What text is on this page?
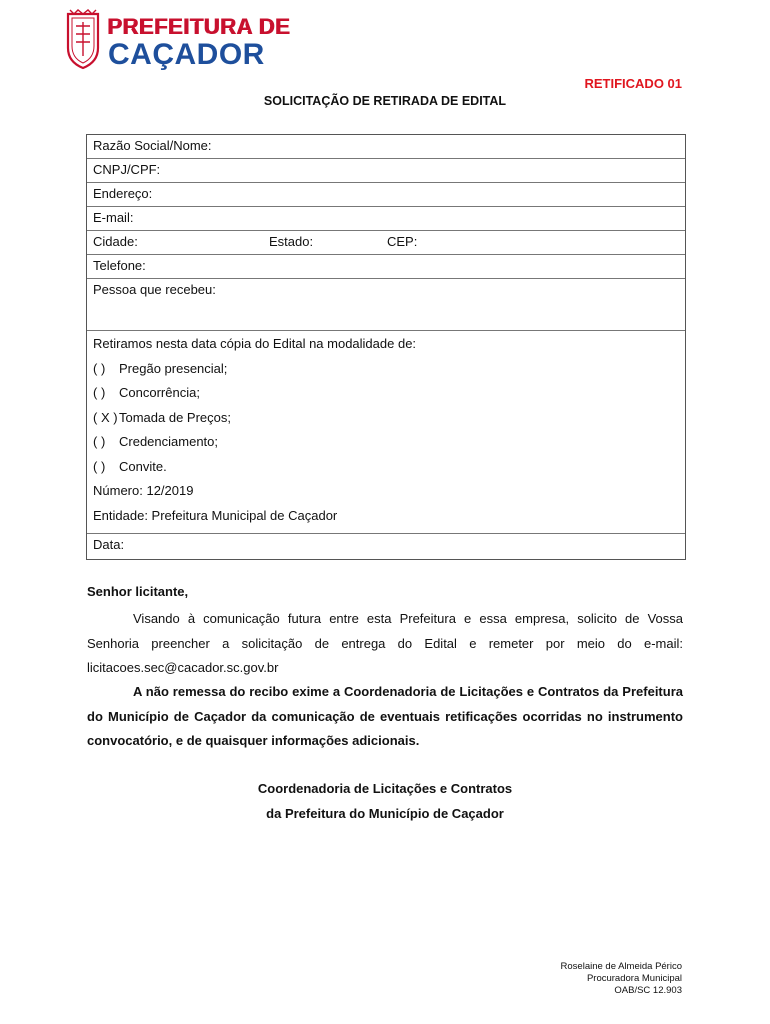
PREFEITURA DE
CAÇADOR
RETIFICADO 01
SOLICITAÇÃO DE RETIRADA DE EDITAL
Razão Social/Nome:
CNPJ/CPF:
Endereço:
E-mail:
Cidade:	Estado:	CEP:
Telefone:
Pessoa que recebeu:
Retiramos nesta data cópia do Edital na modalidade de:
( ) Pregão presencial;
( ) Concorrência;
( X )Tomada de Preços;
( ) Credenciamento;
( ) Convite.
Número: 12/2019
Entidade: Prefeitura Municipal de Caçador
Data:
Senhor licitante,

Visando à comunicação futura entre esta Prefeitura e essa empresa, solicito de Vossa Senhoria preencher a solicitação de entrega do Edital e remeter por meio do e-mail: licitacoes.sec@cacador.sc.gov.br

A não remessa do recibo exime a Coordenadoria de Licitações e Contratos da Prefeitura do Município de Caçador da comunicação de eventuais retificações ocorridas no instrumento convocatório, e de quaisquer informações adicionais.

Coordenadoria de Licitações e Contratos
da Prefeitura do Município de Caçador
Roselaine de Almeida Périco
Procuradora Municipal
OAB/SC 12.903
